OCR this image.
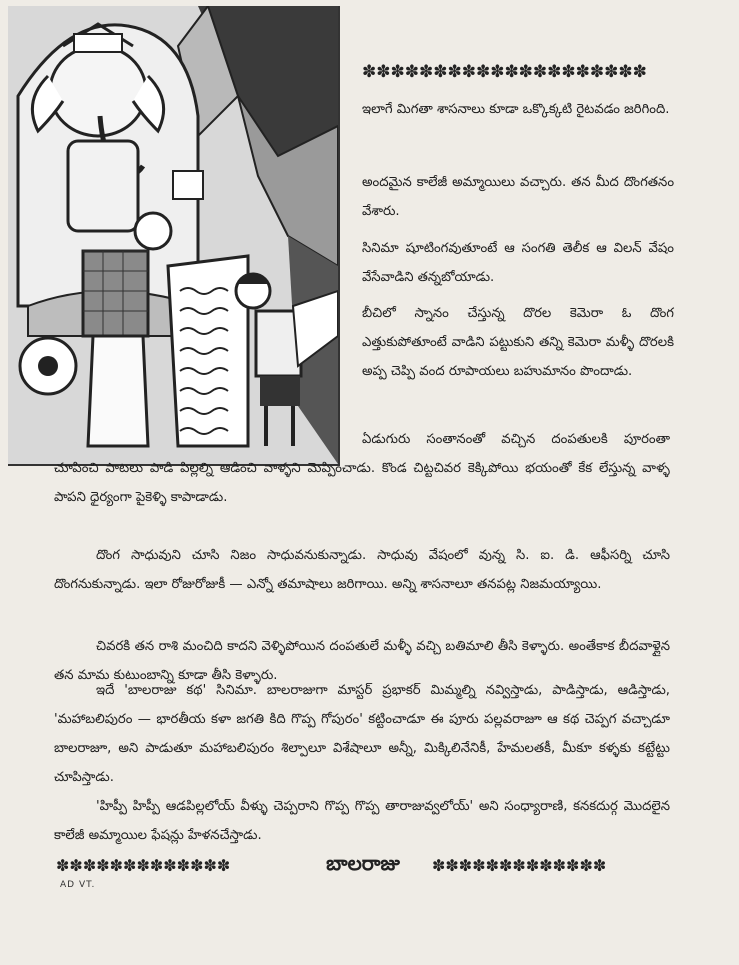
✽✽✽✽✽✽✽✽✽✽✽✽✽✽✽✽✽✽✽✽

ఇలాగే మిగతా శాసనాలు కూడా ఒక్కొక్కటి రైటవడం జరిగింది.

అందమైన కాలేజీ అమ్మాయిలు వచ్చారు. తన మీద దొంగతనం వేశారు.

సినిమా షూటింగవుతూంటే ఆ సంగతి తెలీక ఆ విలన్ వేషం వేసేవాడిని తన్నబోయాడు.

బీచిలో స్నానం చేస్తున్న దొరల కెమెరా ఓ దొంగ ఎత్తుకుపోతూంటే వాడిని పట్టుకుని తన్ని కెమెరా మళ్ళీ దొరలకి అప్ప చెప్పి వంద రూపాయలు బహుమానం పొందాడు.

ఏడుగురు సంతానంతో వచ్చిన దంపతులకి పూరంతా చూపించి పాటలు పాడి పిల్లల్ని ఆడించి వాళ్ళని మెప్పించాడు. కొండ చిట్టచివర కెక్కిపోయి భయంతో కేక లేస్తున్న వాళ్ళ పాపని ధైర్యంగా పైకెళ్ళి కాపాడాడు.

దొంగ సాధువుని చూసి నిజం సాధువనుకున్నాడు. సాధువు వేషంలో వున్న సి. ఐ. డి. ఆఫీసర్ని చూసి దొంగనుకున్నాడు. ఇలా రోజురోజుకీ — ఎన్నో తమాషాలు జరిగాయి. అన్ని శాసనాలూ తనపట్ల నిజమయ్యాయి.

చివరకి తన రాశి మంచిది కాదని వెళ్ళిపోయిన దంపతులే మళ్ళీ వచ్చి బతిమాలి తీసి కెళ్ళారు. అంతేకాక బీదవాళ్లైన తన మామ కుటుంబాన్ని కూడా తీసి కెళ్ళారు.

ఇదే 'బాలరాజు కథ' సినిమా. బాలరాజుగా మాస్టర్ ప్రభాకర్ మిమ్మల్ని నవ్విస్తాడు, పాడిస్తాడు, ఆడిస్తాడు, 'మహాబలిపురం — భారతీయ కళా జగతి కిది గొప్ప గోపురం' కట్టించాడూ ఈ పూరు పల్లవరాజూ ఆ కథ చెప్పగ వచ్చాడూ బాలరాజూ, అని పాడుతూ మహాబలిపురం శిల్పాలూ విశేషాలూ అన్నీ, మిక్కిలినేనికీ, హేమలతకీ, మీకూ కళ్ళకు కట్టేట్టు చూపిస్తాడు.

'హిప్పీ హిప్పీ ఆడపిల్లలోయ్ వీళ్ళు చెప్పరాని గొప్ప గొప్ప తారాజువ్వలోయ్' అని సంధ్యారాణి, కనకదుర్గ మొదలైన కాలేజీ అమ్మాయిల ఫేషన్లు హేళనచేస్తాడు.

✽✽✽✽✽✽✽✽✽✽✽✽✽	బాలరాజు	✽✽✽✽✽✽✽✽✽✽✽✽✽
AD VT.
